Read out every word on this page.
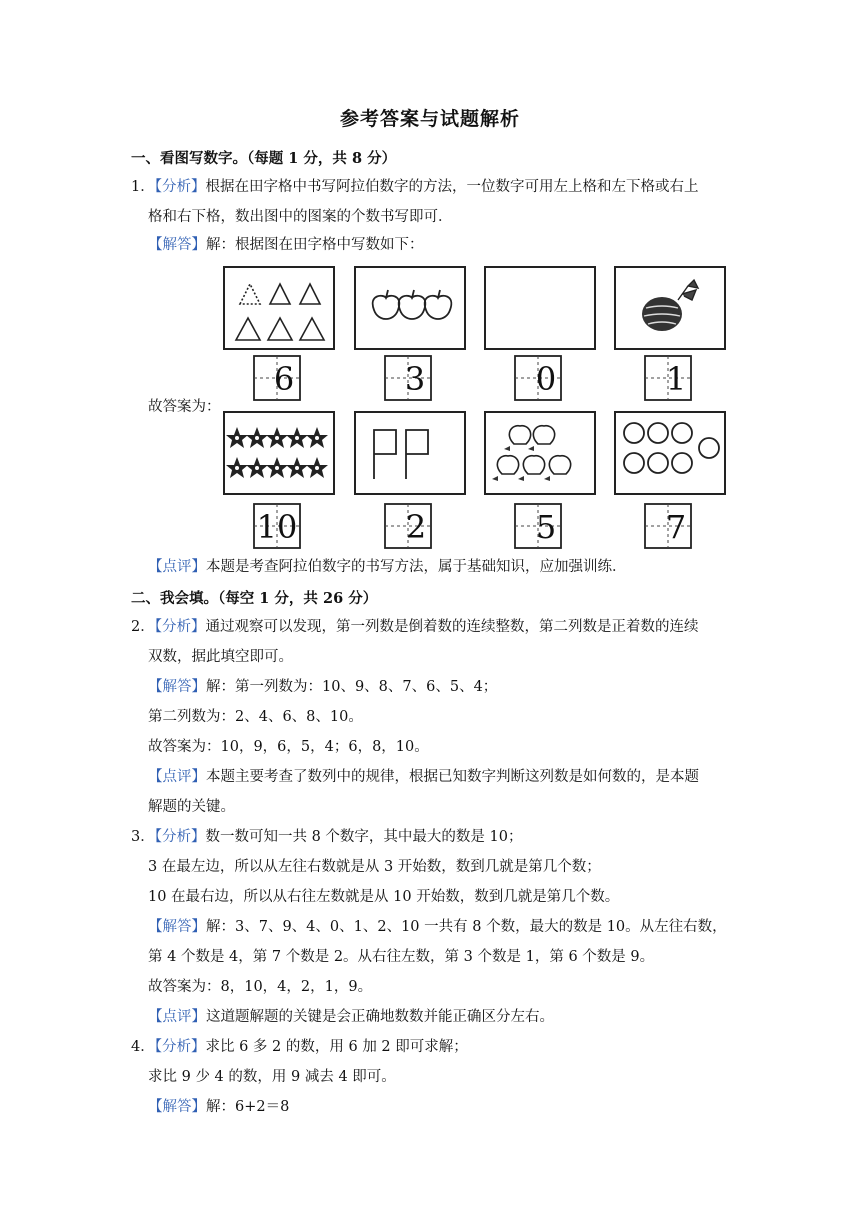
参考答案与试题解析
一、看图写数字。（每题 1 分，共 8 分）
1．【分析】根据在田字格中书写阿拉伯数字的方法，一位数字可用左上格和左下格或右上
格和右下格，数出图中的图案的个数书写即可．
【解答】解：根据图在田字格中写数如下：
故答案为：
6	3	0	1
10	2	5	7
【点评】本题是考查阿拉伯数字的书写方法，属于基础知识，应加强训练．
二、我会填。（每空 1 分，共 26 分）
2．【分析】通过观察可以发现，第一列数是倒着数的连续整数，第二列数是正着数的连续
双数，据此填空即可。
【解答】解：第一列数为：10、9、8、7、6、5、4；
第二列数为：2、4、6、8、10。
故答案为：10，9，6，5，4；6，8，10。
【点评】本题主要考查了数列中的规律，根据已知数字判断这列数是如何数的，是本题
解题的关键。
3．【分析】数一数可知一共 8 个数字，其中最大的数是 10；
3 在最左边，所以从左往右数就是从 3 开始数，数到几就是第几个数；
10 在最右边，所以从右往左数就是从 10 开始数，数到几就是第几个数。
【解答】解：3、7、9、4、0、1、2、10 一共有 8 个数，最大的数是 10。从左往右数，
第 4 个数是 4，第 7 个数是 2。从右往左数，第 3 个数是 1，第 6 个数是 9。
故答案为：8，10，4，2，1，9。
【点评】这道题解题的关键是会正确地数数并能正确区分左右。
4．【分析】求比 6 多 2 的数，用 6 加 2 即可求解；
求比 9 少 4 的数，用 9 减去 4 即可。
【解答】解：6+2＝8
